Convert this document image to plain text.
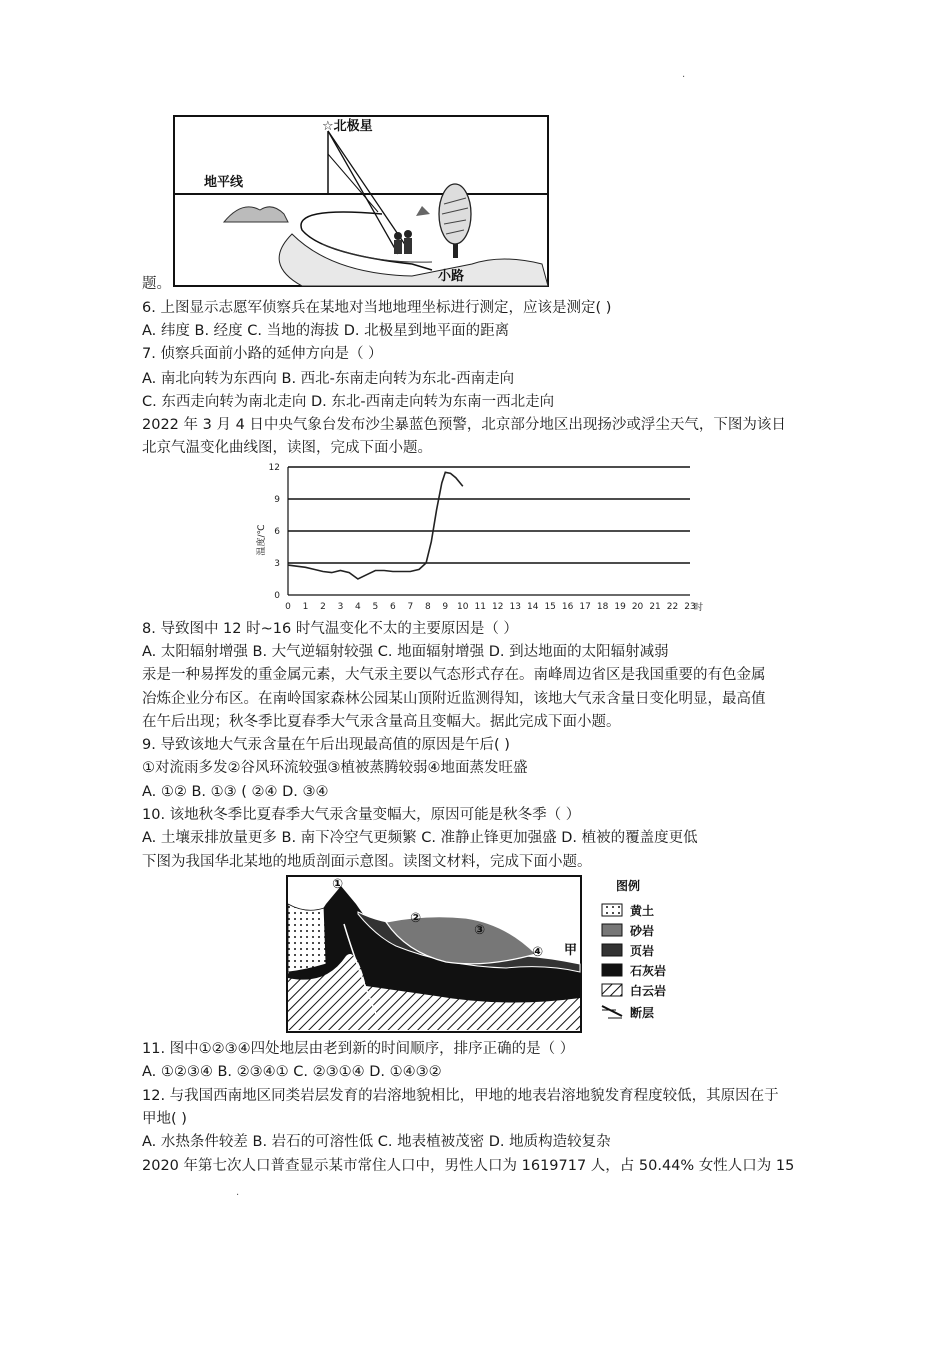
·
·
☆北极星
地平线
小路
题。
6. 上图显示志愿军侦察兵在某地对当地地理坐标进行测定，应该是测定( )
A. 纬度 B. 经度 C. 当地的海拔 D. 北极星到地平面的距离
7. 侦察兵面前小路的延伸方向是（ ）
A. 南北向转为东西向 B. 西北-东南走向转为东北-西南走向
C. 东西走向转为南北走向 D. 东北-西南走向转为东南一西北走向
2022 年 3 月 4 日中央气象台发布沙尘暴蓝色预警，北京部分地区出现扬沙或浮尘天气，下图为该日
北京气温变化曲线图，读图，完成下面小题。
0
3
6
9
12
0 1 2 3 4 5 6 7 8 9 10 11 12 13 14 15 16 17 18 19 20 21 22 23
温度/℃
时
8. 导致图中 12 时~16 时气温变化不太的主要原因是（ ）
A. 太阳辐射增强 B. 大气逆辐射较强 C. 地面辐射增强 D. 到达地面的太阳辐射减弱
汞是一种易挥发的重金属元素，大气汞主要以气态形式存在。南峰周边省区是我国重要的有色金属
冶炼企业分布区。在南岭国家森林公园某山顶附近监测得知，该地大气汞含量日变化明显，最高值
在午后出现；秋冬季比夏春季大气汞含量高且变幅大。据此完成下面小题。
9. 导致该地大气汞含量在午后出现最高值的原因是午后( )
①对流雨多发②谷风环流较强③植被蒸腾较弱④地面蒸发旺盛
A. ①② B. ①③ ( ②④ D. ③④
10. 该地秋冬季比夏春季大气汞含量变幅大，原因可能是秋冬季（ ）
A. 土壤汞排放量更多 B. 南下冷空气更频繁 C. 准静止锋更加强盛 D. 植被的覆盖度更低
下图为我国华北某地的地质剖面示意图。读图文材料，完成下面小题。
①
②
③
④ 甲
图例
黄土
砂岩
页岩
石灰岩
白云岩
断层
11. 图中①②③④四处地层由老到新的时间顺序，排序正确的是（ ）
A. ①②③④ B. ②③④① C. ②③①④ D. ①④③②
12. 与我国西南地区同类岩层发育的岩溶地貌相比，甲地的地表岩溶地貌发育程度较低，其原因在于
甲地( )
A. 水热条件较差 B. 岩石的可溶性低 C. 地表植被茂密 D. 地质构造较复杂
2020 年第七次人口普查显示某市常住人口中，男性人口为 1619717 人，占 50.44% 女性人口为 15
